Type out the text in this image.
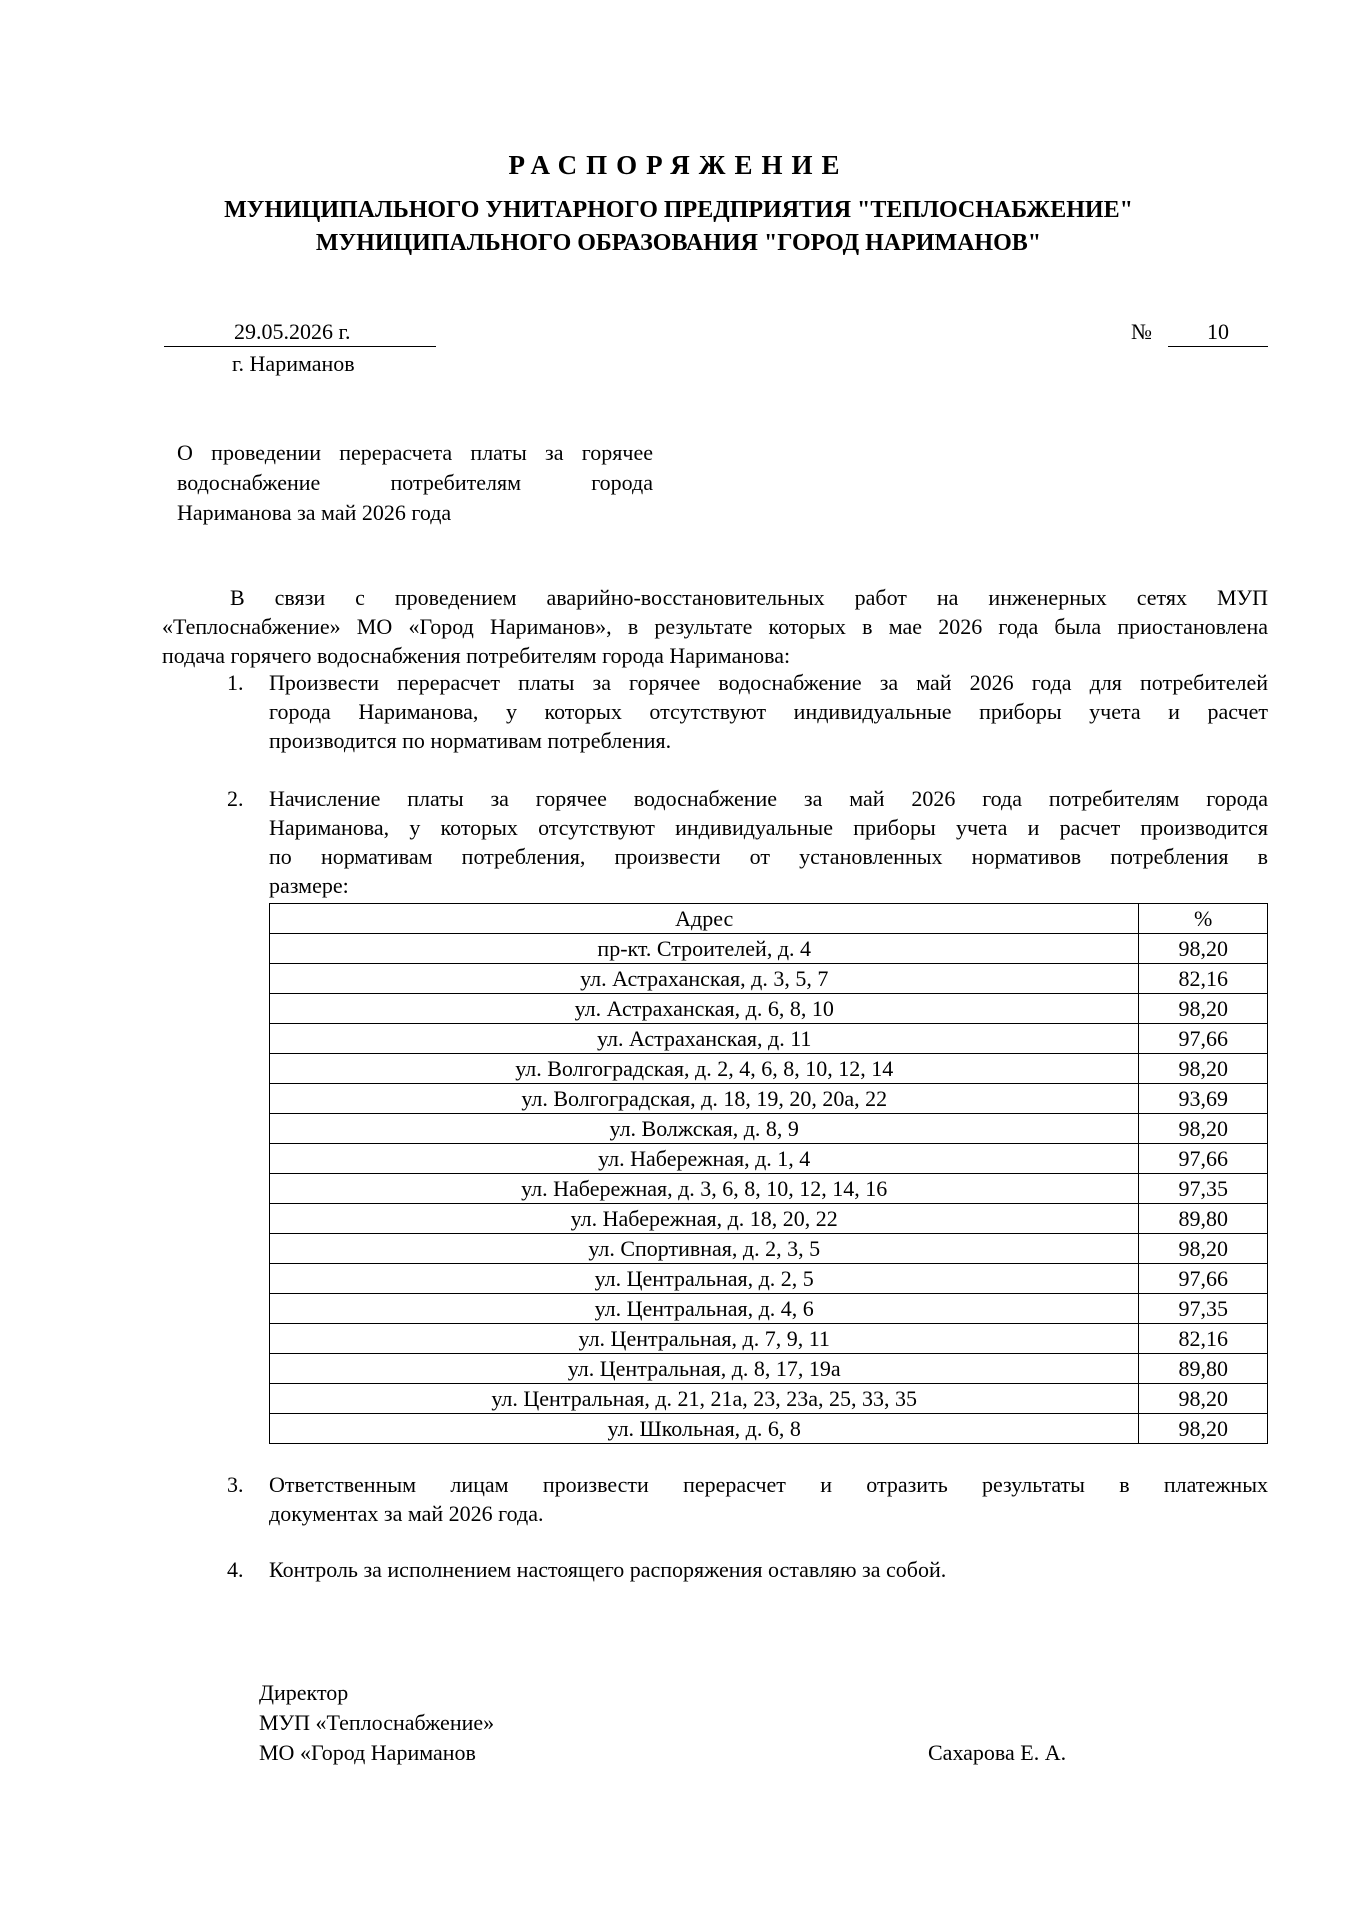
РАСПОРЯЖЕНИЕ
МУНИЦИПАЛЬНОГО УНИТАРНОГО ПРЕДПРИЯТИЯ "ТЕПЛОСНАБЖЕНИЕ"
МУНИЦИПАЛЬНОГО ОБРАЗОВАНИЯ "ГОРОД НАРИМАНОВ"
29.05.2026 г.
г. Нариманов
№	10
О проведении перерасчета платы за горячее
водоснабжение потребителям города
Нариманова за май 2026 года
В связи с проведением аварийно-восстановительных работ на инженерных сетях МУП
«Теплоснабжение» МО «Город Нариманов», в результате которых в мае 2026 года была приостановлена
подача горячего водоснабжения потребителям города Нариманова:
1.	Произвести перерасчет платы за горячее водоснабжение за май 2026 года для потребителей
города Нариманова, у которых отсутствуют индивидуальные приборы учета и расчет
производится по нормативам потребления.
2.	Начисление платы за горячее водоснабжение за май 2026 года потребителям города
Нариманова, у которых отсутствуют индивидуальные приборы учета и расчет производится
по нормативам потребления, произвести от установленных нормативов потребления в
размере:
Адрес	%
пр-кт. Строителей, д. 4	98,20
ул. Астраханская, д. 3, 5, 7	82,16
ул. Астраханская, д. 6, 8, 10	98,20
ул. Астраханская, д. 11	97,66
ул. Волгоградская, д. 2, 4, 6, 8, 10, 12, 14	98,20
ул. Волгоградская, д. 18, 19, 20, 20а, 22	93,69
ул. Волжская, д. 8, 9	98,20
ул. Набережная, д. 1, 4	97,66
ул. Набережная, д. 3, 6, 8, 10, 12, 14, 16	97,35
ул. Набережная, д. 18, 20, 22	89,80
ул. Спортивная, д. 2, 3, 5	98,20
ул. Центральная, д. 2, 5	97,66
ул. Центральная, д. 4, 6	97,35
ул. Центральная, д. 7, 9, 11	82,16
ул. Центральная, д. 8, 17, 19а	89,80
ул. Центральная, д. 21, 21а, 23, 23а, 25, 33, 35	98,20
ул. Школьная, д. 6, 8	98,20
3.	Ответственным лицам произвести перерасчет и отразить результаты в платежных
документах за май 2026 года.
4.	Контроль за исполнением настоящего распоряжения оставляю за собой.
Директор
МУП «Теплоснабжение»
МО «Город Нариманов	Сахарова Е. А.
